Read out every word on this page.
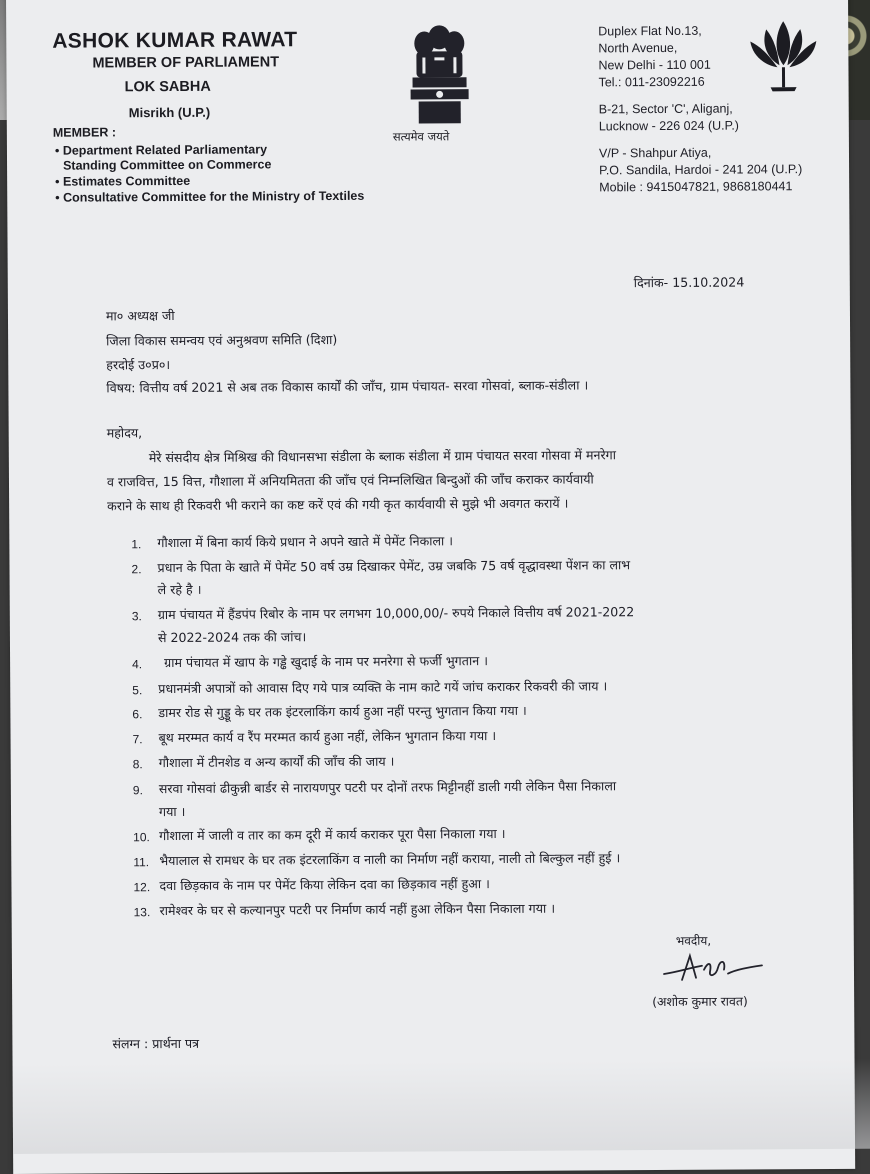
ASHOK KUMAR RAWAT
MEMBER OF PARLIAMENT
LOK SABHA
Misrikh (U.P.)
MEMBER :
• Department Related Parliamentary
Standing Committee on Commerce
• Estimates Committee
• Consultative Committee for the Ministry of Textiles
सत्यमेव जयते
Duplex Flat No.13,
North Avenue,
New Delhi - 110 001
Tel.: 011-23092216
B-21, Sector 'C', Aliganj,
Lucknow - 226 024 (U.P.)
V/P - Shahpur Atiya,
P.O. Sandila, Hardoi - 241 204 (U.P.)
Mobile : 9415047821, 9868180441
दिनांक- 15.10.2024
मा० अध्यक्ष जी
जिला विकास समन्वय एवं अनुश्रवण समिति (दिशा)
हरदोई उ०प्र०।
विषय: वित्तीय वर्ष 2021 से अब तक विकास कार्यों की जाँच, ग्राम पंचायत- सरवा गोसवां, ब्लाक-संडीला ।
महोदय,
मेरे संसदीय क्षेत्र मिश्रिख की विधानसभा संडीला के ब्लाक संडीला में ग्राम पंचायत सरवा गोसवा में मनरेगा
व राजवित्त, 15 वित्त, गौशाला में अनियमितता की जाँच एवं निम्नलिखित बिन्दुओं की जाँच कराकर कार्यवायी
कराने के साथ ही रिकवरी भी कराने का कष्ट करें एवं की गयी कृत कार्यवायी से मुझे भी अवगत करायें ।
1. गौशाला में बिना कार्य किये प्रधान ने अपने खाते में पेमेंट निकाला ।
2. प्रधान के पिता के खाते में पेमेंट 50 वर्ष उम्र दिखाकर पेमेंट, उम्र जबकि 75 वर्ष वृद्धावस्था पेंशन का लाभ
ले रहे है ।
3. ग्राम पंचायत में हैंडपंप रिबोर के नाम पर लगभग 10,000,00/- रुपये निकाले वित्तीय वर्ष 2021-2022
से 2022-2024 तक की जांच।
4. ग्राम पंचायत में खाप के गड्ढे खुदाई के नाम पर मनरेगा से फर्जी भुगतान ।
5. प्रधानमंत्री अपात्रों को आवास दिए गये पात्र व्यक्ति के नाम काटे गयें जांच कराकर रिकवरी की जाय ।
6. डामर रोड से गुड्डू के घर तक इंटरलाकिंग कार्य हुआ नहीं परन्तु भुगतान किया गया ।
7. बूथ मरम्मत कार्य व रैंप मरम्मत कार्य हुआ नहीं, लेकिन भुगतान किया गया ।
8. गौशाला में टीनशेड व अन्य कार्यों की जाँच की जाय ।
9. सरवा गोसवां ढीकुन्नी बार्डर से नारायणपुर पटरी पर दोनों तरफ मिट्टीनहीं डाली गयी लेकिन पैसा निकाला
गया ।
10. गौशाला में जाली व तार का कम दूरी में कार्य कराकर पूरा पैसा निकाला गया ।
11. भैयालाल से रामधर के घर तक इंटरलाकिंग व नाली का निर्माण नहीं कराया, नाली तो बिल्कुल नहीं हुई ।
12. दवा छिड़काव के नाम पर पेमेंट किया लेकिन दवा का छिड़काव नहीं हुआ ।
13. रामेश्वर के घर से कल्यानपुर पटरी पर निर्माण कार्य नहीं हुआ लेकिन पैसा निकाला गया ।
भवदीय,
(अशोक कुमार रावत)
संलग्न : प्रार्थना पत्र
